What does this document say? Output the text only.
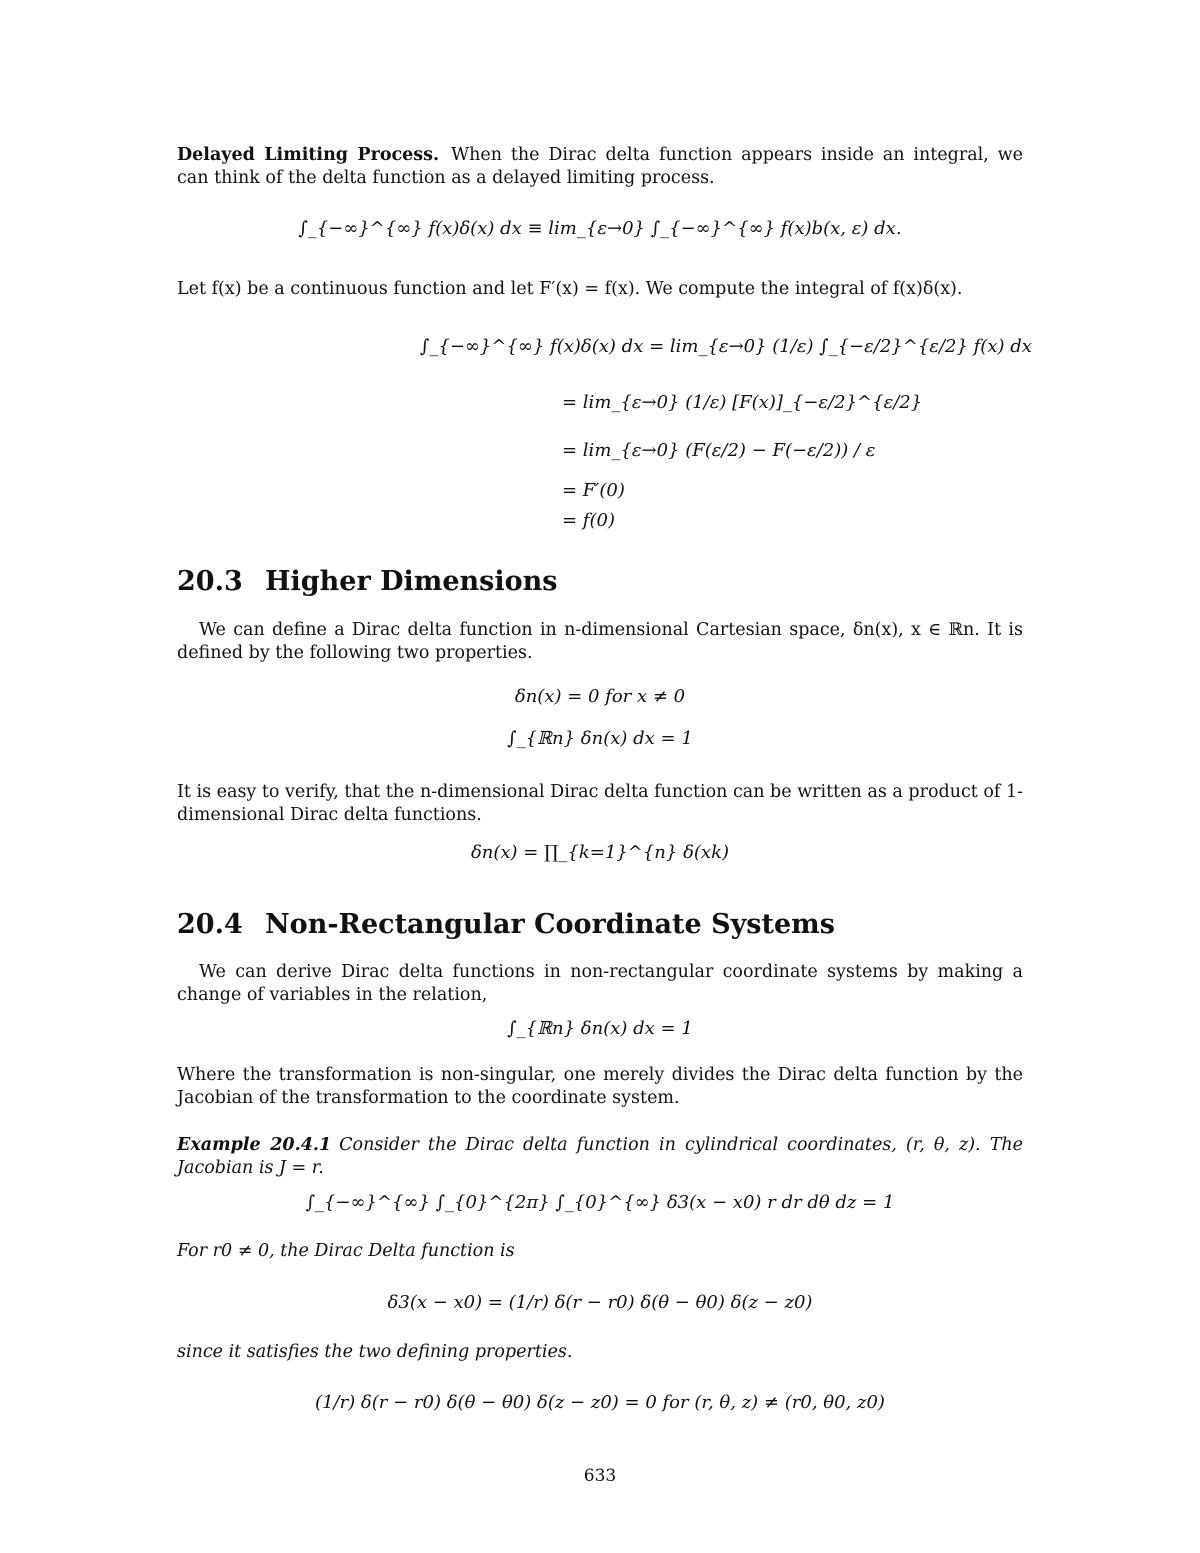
Delayed Limiting Process. When the Dirac delta function appears inside an integral, we can think of the delta function as a delayed limiting process.

∫_{−∞}^{∞} f(x)δ(x) dx ≡ lim_{ε→0} ∫_{−∞}^{∞} f(x)b(x, ε) dx.

Let f(x) be a continuous function and let F′(x) = f(x). We compute the integral of f(x)δ(x).

∫_{−∞}^{∞} f(x)δ(x) dx = lim_{ε→0} (1/ε) ∫_{−ε/2}^{ε/2} f(x) dx
= lim_{ε→0} (1/ε) [F(x)]_{−ε/2}^{ε/2}
= lim_{ε→0} (F(ε/2) − F(−ε/2)) / ε
= F′(0)
= f(0)
20.3 Higher Dimensions

We can define a Dirac delta function in n-dimensional Cartesian space, δn(x), x ∈ ℝn. It is defined by the following two properties.

δn(x) = 0 for x ≠ 0
∫_{ℝn} δn(x) dx = 1

It is easy to verify, that the n-dimensional Dirac delta function can be written as a product of 1-dimensional Dirac delta functions.

δn(x) = ∏_{k=1}^{n} δ(xk)
20.4 Non-Rectangular Coordinate Systems

We can derive Dirac delta functions in non-rectangular coordinate systems by making a change of variables in the relation,

∫_{ℝn} δn(x) dx = 1

Where the transformation is non-singular, one merely divides the Dirac delta function by the Jacobian of the transformation to the coordinate system.

Example 20.4.1 Consider the Dirac delta function in cylindrical coordinates, (r, θ, z). The Jacobian is J = r.

∫_{−∞}^{∞} ∫_{0}^{2π} ∫_{0}^{∞} δ3(x − x0) r dr dθ dz = 1

For r0 ≠ 0, the Dirac Delta function is

δ3(x − x0) = (1/r) δ(r − r0) δ(θ − θ0) δ(z − z0)

since it satisfies the two defining properties.

(1/r) δ(r − r0) δ(θ − θ0) δ(z − z0) = 0 for (r, θ, z) ≠ (r0, θ0, z0)
633
